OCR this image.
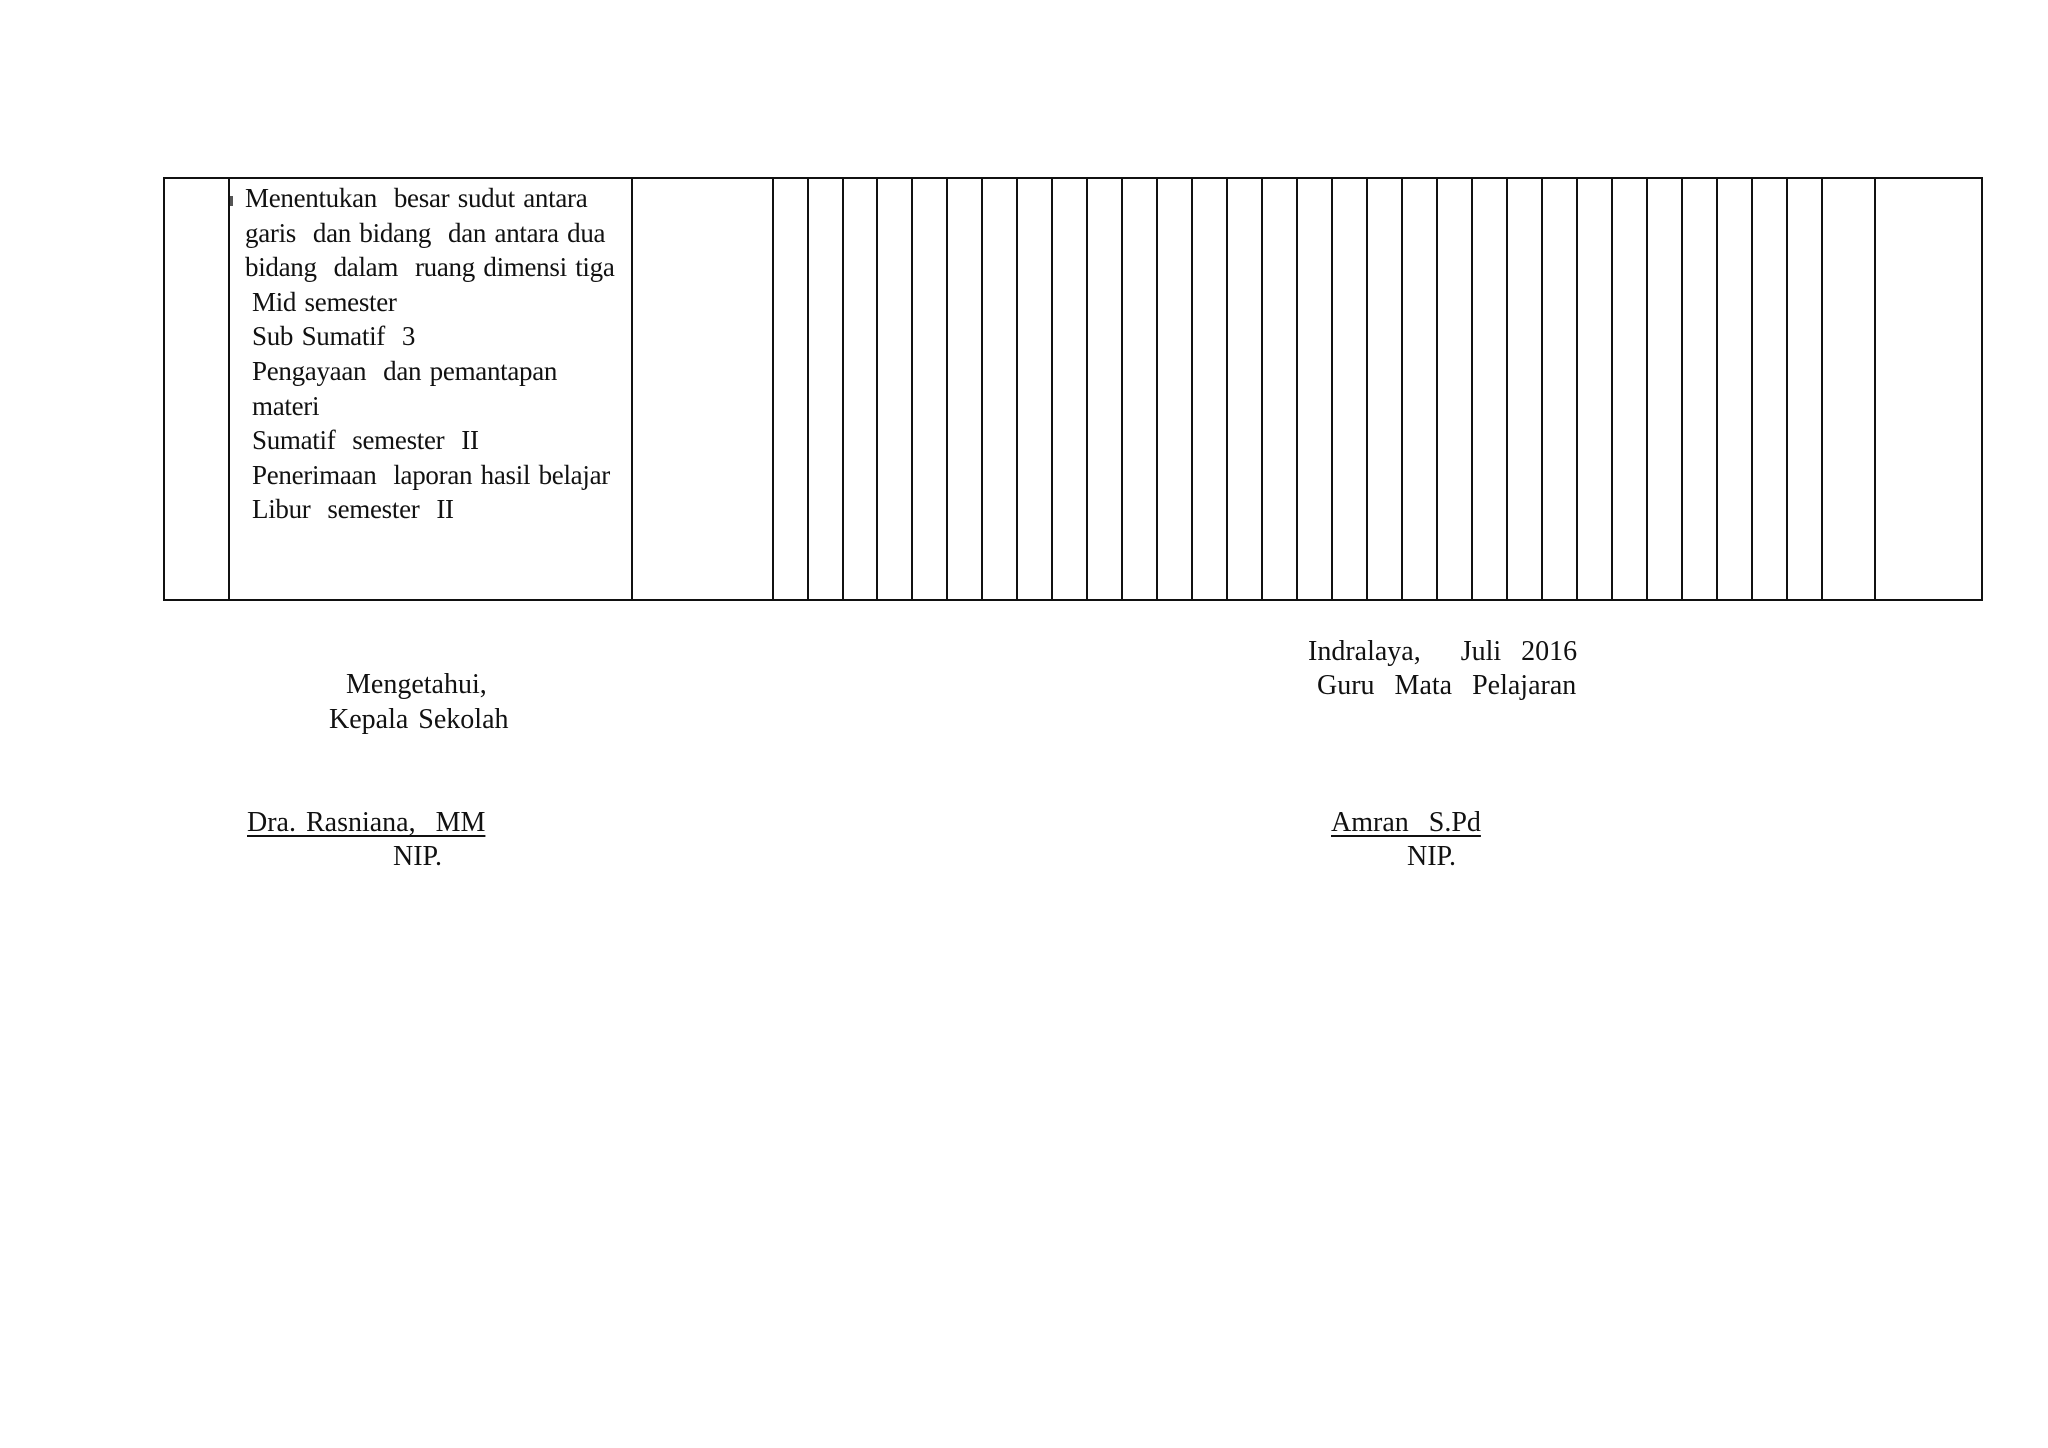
Menentukan  besar sudut antara garis  dan bidang  dan antara dua bidang  dalam  ruang dimensi tiga
Mid semester
Sub Sumatif  3
Pengayaan  dan pemantapan materi
Sumatif  semester  II
Penerimaan  laporan hasil belajar
Libur  semester  II
Mengetahui,
Kepala Sekolah
Dra. Rasniana,  MM
NIP.
Indralaya,    Juli  2016
Guru  Mata  Pelajaran
Amran  S.Pd
NIP.
